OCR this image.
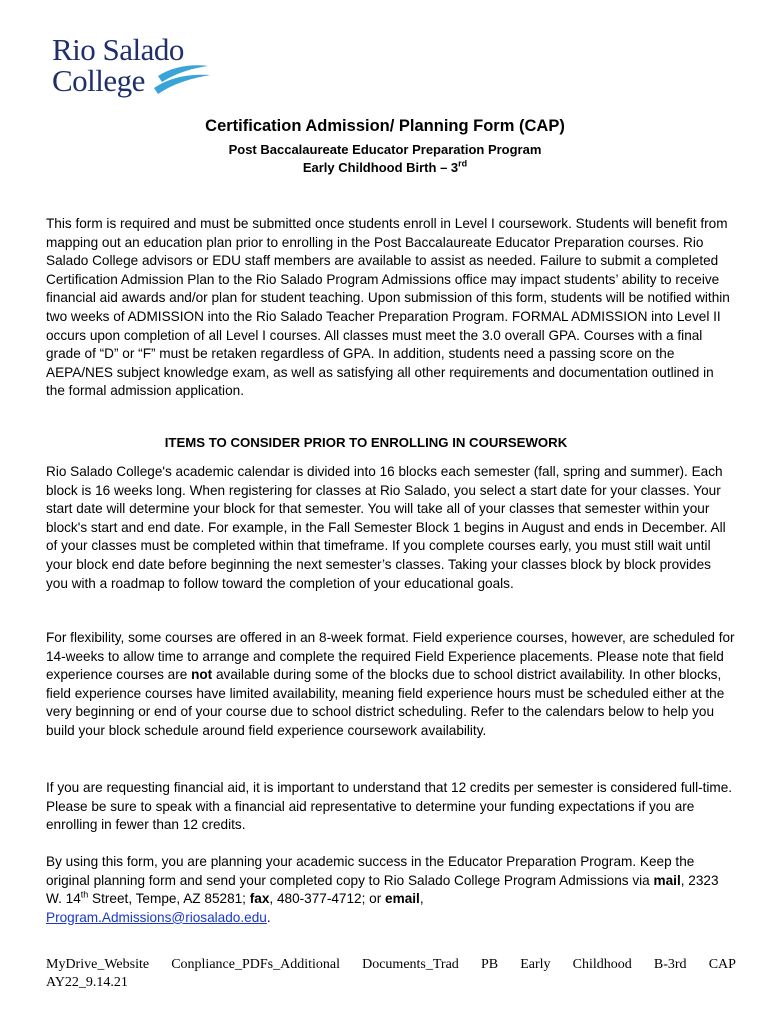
Rio Salado
College
Certification Admission/ Planning Form (CAP)
Post Baccalaureate Educator Preparation Program
Early Childhood Birth – 3rd
This form is required and must be submitted once students enroll in Level I coursework. Students will benefit from mapping out an education plan prior to enrolling in the Post Baccalaureate Educator Preparation courses. Rio Salado College advisors or EDU staff members are available to assist as needed. Failure to submit a completed Certification Admission Plan to the Rio Salado Program Admissions office may impact students’ ability to receive financial aid awards and/or plan for student teaching. Upon submission of this form, students will be notified within two weeks of ADMISSION into the Rio Salado Teacher Preparation Program. FORMAL ADMISSION into Level II occurs upon completion of all Level I courses. All classes must meet the 3.0 overall GPA. Courses with a final grade of “D” or “F” must be retaken regardless of GPA. In addition, students need a passing score on the AEPA/NES subject knowledge exam, as well as satisfying all other requirements and documentation outlined in the formal admission application.
ITEMS TO CONSIDER PRIOR TO ENROLLING IN COURSEWORK
Rio Salado College's academic calendar is divided into 16 blocks each semester (fall, spring and summer). Each block is 16 weeks long. When registering for classes at Rio Salado, you select a start date for your classes. Your start date will determine your block for that semester. You will take all of your classes that semester within your block's start and end date. For example, in the Fall Semester Block 1 begins in August and ends in December. All of your classes must be completed within that timeframe. If you complete courses early, you must still wait until your block end date before beginning the next semester’s classes. Taking your classes block by block provides you with a roadmap to follow toward the completion of your educational goals.
For flexibility, some courses are offered in an 8-week format. Field experience courses, however, are scheduled for 14-weeks to allow time to arrange and complete the required Field Experience placements. Please note that field experience courses are not available during some of the blocks due to school district availability. In other blocks, field experience courses have limited availability, meaning field experience hours must be scheduled either at the very beginning or end of your course due to school district scheduling. Refer to the calendars below to help you build your block schedule around field experience coursework availability.
If you are requesting financial aid, it is important to understand that 12 credits per semester is considered full-time. Please be sure to speak with a financial aid representative to determine your funding expectations if you are enrolling in fewer than 12 credits.
By using this form, you are planning your academic success in the Educator Preparation Program. Keep the original planning form and send your completed copy to Rio Salado College Program Admissions via mail, 2323 W. 14th Street, Tempe, AZ 85281; fax, 480-377-4712; or email,
Program.Admissions@riosalado.edu.
MyDrive_Website Conpliance_PDFs_Additional Documents_Trad PB Early Childhood B-3rd CAP
AY22_9.14.21
